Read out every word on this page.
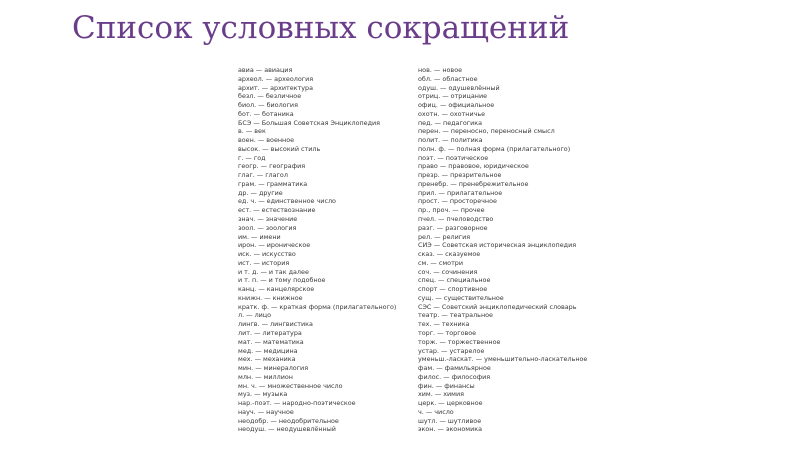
Список условных сокращений
авиа — авиация
археол. — археология
архит. — архитектура
безл. — безличное
биол. — биология
бот. — ботаника
БСЭ — Большая Советская Энциклопедия
в. — век
воен. — военное
высок. — высокий стиль
г. — год
геогр. — география
глаг. — глагол
грам. — грамматика
др. — другие
ед. ч. — единственное число
ест. — естествознание
знач. — значение
зоол. — зоология
им. — имени
ирон. — ироническое
иск. — искусство
ист. — история
и т. д. — и так далее
и т. п. — и тому подобное
канц. — канцелярское
книжн. — книжное
кратк. ф. — краткая форма (прилагательного)
л. — лицо
лингв. — лингвистика
лит. — литература
мат. — математика
мед. — медицина
мех. — механика
мин. — минералогия
млн. — миллион
мн. ч. — множественное число
муз. — музыка
нар.-поэт. — народно-поэтическое
науч. — научное
неодобр. — неодобрительное
неодуш. — неодушевлённый
нов. — новое
обл. — областное
одуш. — одушевлённый
отриц. — отрицание
офиц. — официальное
охотн. — охотничье
пед. — педагогика
перен. — переносно, переносный смысл
полит. — политика
полн. ф. — полная форма (прилагательного)
поэт. — поэтическое
право — правовое, юридическое
презр. — презрительное
пренебр. — пренебрежительное
прил. — прилагательное
прост. — просторечное
пр., проч. — прочее
пчел. — пчеловодство
разг. — разговорное
рел. — религия
СИЭ — Советская историческая энциклопедия
сказ. — сказуемое
см. — смотри
соч. — сочинения
спец. — специальное
спорт — спортивное
сущ. — существительное
СЭС — Советский энциклопедический словарь
театр. — театральное
тех. — техника
торг. — торговое
торж. — торжественное
устар. — устарелое
уменьш.-ласкат. — уменьшительно-ласкательное
фам. — фамильярное
филос. — философия
фин. — финансы
хим. — химия
церк. — церковное
ч. — число
шутл. — шутливое
экон. — экономика
